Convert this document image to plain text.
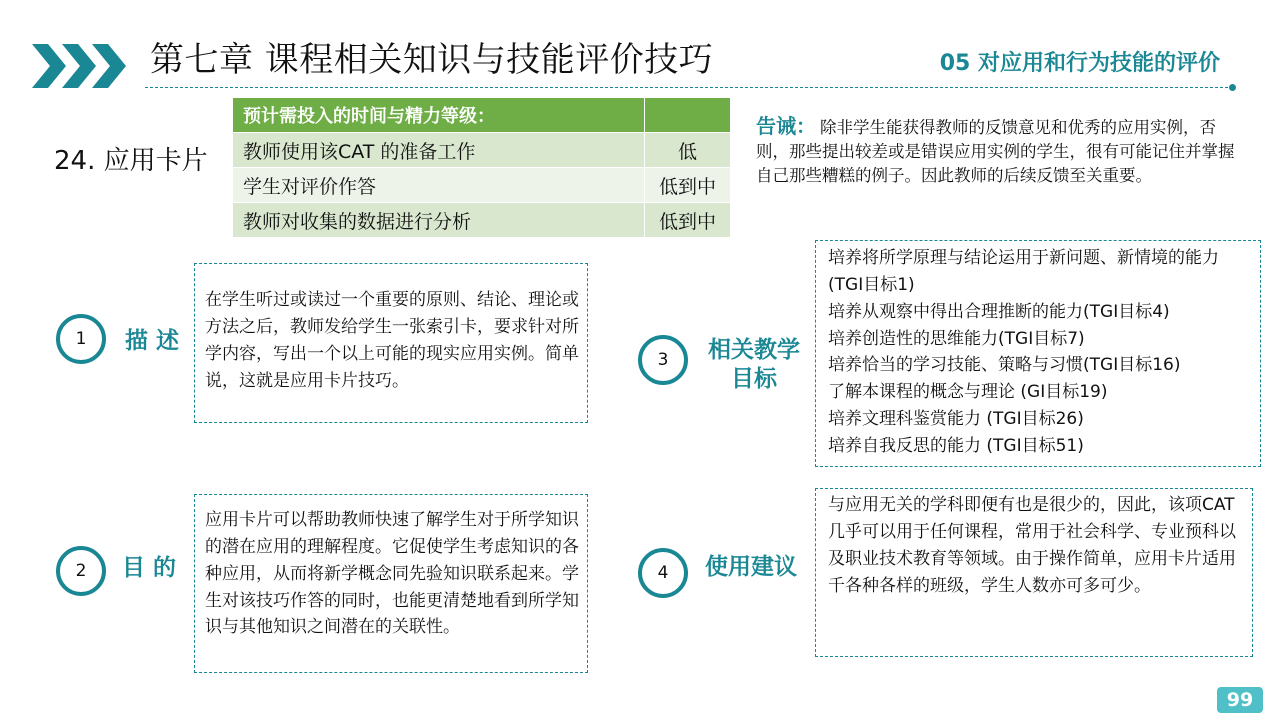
第七章 课程相关知识与技能评价技巧	05 对应用和行为技能的评价
24. 应用卡片
预计需投入的时间与精力等级：	
教师使用该CAT 的准备工作	低
学生对评价作答	低到中
教师对收集的数据进行分析	低到中
告诫： 除非学生能获得教师的反馈意见和优秀的应用实例，否则，那些提出较差或是错误应用实例的学生，很有可能记住并掌握自己那些糟糕的例子。因此教师的后续反馈至关重要。
1	描 述

在学生听过或读过一个重要的原则、结论、理论或方法之后，教师发给学生一张索引卡，要求针对所学内容，写出一个以上可能的现实应用实例。简单说，这就是应用卡片技巧。

2 目 的

应用卡片可以帮助教师快速了解学生对于所学知识的潜在应用的理解程度。它促使学生考虑知识的各种应用，从而将新学概念同先验知识联系起来。学生对该技巧作答的同时，也能更清楚地看到所学知识与其他知识之间潜在的关联性。

3 相关教学
目标

培养将所学原理与结论运用于新问题、新情境的能力(TGI目标1)

培养从观察中得出合理推断的能力(TGI目标4)

培养创造性的思维能力(TGI目标7)

培养恰当的学习技能、策略与习惯(TGI目标16)

了解本课程的概念与理论 (GI目标19)

培养文理科鉴赏能力 (TGI目标26)

培养自我反思的能力 (TGI目标51)

4 使用建议

与应用无关的学科即便有也是很少的，因此，该项CAT几乎可以用于任何课程，常用于社会科学、专业预科以及职业技术教育等领域。由于操作简单，应用卡片适用千各种各样的班级，学生人数亦可多可少。

99
